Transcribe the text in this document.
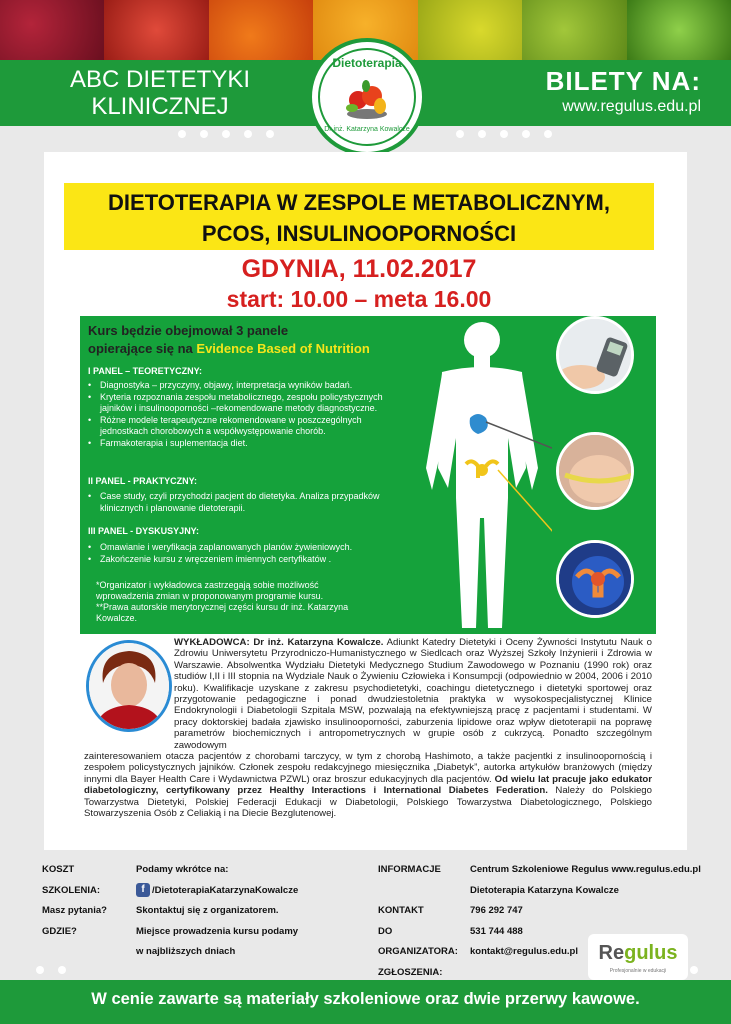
ABC DIETETYKI
KLINICZNEJ
BILETY NA:
www.regulus.edu.pl
Dietoterapia
Dr inż. Katarzyna Kowalcze
DIETOTERAPIA W ZESPOLE METABOLICZNYM,
PCOS, INSULINOOPORNOŚCI
GDYNIA, 11.02.2017
start: 10.00 – meta 16.00
Kurs będzie obejmował 3 panele
opierające się na Evidence Based of Nutrition
I PANEL – TEORETYCZNY:
• Diagnostyka – przyczyny, objawy, interpretacja wyników badań.
• Kryteria rozpoznania zespołu metabolicznego, zespołu policystycznych jajników i insulinooporności –rekomendowane metody diagnostyczne.
• Różne modele terapeutyczne rekomendowane w poszczególnych jednostkach chorobowych a współwystępowanie chorób.
• Farmakoterapia i suplementacja diet.
II PANEL - PRAKTYCZNY:
• Case study, czyli przychodzi pacjent do dietetyka. Analiza przypadków klinicznych i planowanie dietoterapii.
III PANEL - DYSKUSYJNY:
• Omawianie i weryfikacja zaplanowanych planów żywieniowych.
• Zakończenie kursu z wręczeniem imiennych certyfikatów .
*Organizator i wykładowca zastrzegają sobie możliwość wprowadzenia zmian w proponowanym programie kursu.
**Prawa autorskie merytorycznej części kursu dr inż. Katarzyna Kowalcze.
WYKŁADOWCA: Dr inż. Katarzyna Kowalcze. Adiunkt Katedry Dietetyki i Oceny Żywności Instytutu Nauk o Zdrowiu Uniwersytetu Przyrodniczo-Humanistycznego w Siedlcach oraz Wyższej Szkoły Inżynierii i Zdrowia w Warszawie. Absolwentka Wydziału Dietetyki Medycznego Studium Zawodowego w Poznaniu (1990 rok) oraz studiów I,II i III stopnia na Wydziale Nauk o Żywieniu Człowieka i Konsumpcji (odpowiednio w 2004, 2006 i 2010 roku). Kwalifikacje uzyskane z zakresu psychodietetyki, coachingu dietetycznego i dietetyki sportowej oraz przygotowanie pedagogiczne i ponad dwudziestoletnia praktyka w wysokospecjalistycznej Klinice Endokrynologii i Diabetologii Szpitala MSW, pozwalają na efektywniejszą pracę z pacjentami i studentami. W pracy doktorskiej badała zjawisko insulinooporności, zaburzenia lipidowe oraz wpływ dietoterapii na poprawę parametrów biochemicznych i antropometrycznych w grupie osób z cukrzycą. Ponadto szczególnym zawodowym
zainteresowaniem otacza pacjentów z chorobami tarczycy, w tym z chorobą Hashimoto, a także pacjentki z insulinoopornością i zespołem policystycznych jajników. Członek zespołu redakcyjnego miesięcznika „Diabetyk”, autorka artykułów branżowych (między innymi dla Bayer Health Care i Wydawnictwa PZWL) oraz broszur edukacyjnych dla pacjentów. Od wielu lat pracuje jako edukator diabetologiczny, certyfikowany przez Healthy Interactions i International Diabetes Federation. Należy do Polskiego Towarzystwa Dietetyki, Polskiej Federacji Edukacji w Diabetologii, Polskiego Towarzystwa Diabetologicznego, Polskiego Stowarzyszenia Osób z Celiakią i na Diecie Bezglutenowej.
KOSZT
SZKOLENIA:
Masz pytania?
GDZIE?
Podamy wkrótce na:
f /DietoterapiaKatarzynaKowalcze
Skontaktuj się z organizatorem.
Miejsce prowadzenia kursu podamy
w najbliższych dniach
INFORMACJE

KONTAKT
DO ORGANIZATORA:
ZGŁOSZENIA:
Centrum Szkoleniowe Regulus www.regulus.edu.pl
Dietoterapia Katarzyna Kowalcze
796 292 747
531 744 488
kontakt@regulus.edu.pl	Regulus
Profesjonalnie w edukacji
W cenie zawarte są materiały szkoleniowe oraz dwie przerwy kawowe.
